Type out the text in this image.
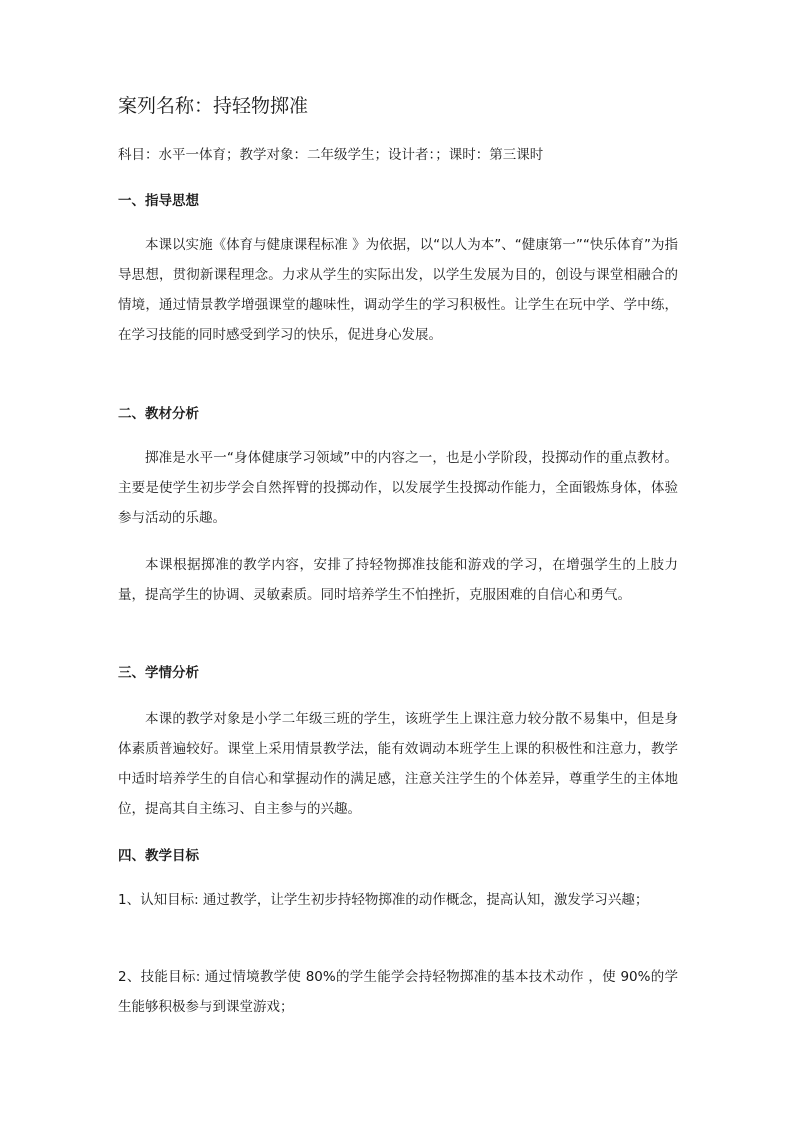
案列名称：持轻物掷准
科目：水平一体育；教学对象：二年级学生；设计者：；课时：第三课时
一、指导思想
本课以实施《体育与健康课程标准 》为依据，以“以人为本”、“健康第一”“快乐体育”为指导思想，贯彻新课程理念。力求从学生的实际出发，以学生发展为目的，创设与课堂相融合的情境，通过情景教学增强课堂的趣味性，调动学生的学习积极性。让学生在玩中学、学中练，在学习技能的同时感受到学习的快乐，促进身心发展。
二、教材分析
掷准是水平一“身体健康学习领域”中的内容之一，也是小学阶段，投掷动作的重点教材。主要是使学生初步学会自然挥臂的投掷动作，以发展学生投掷动作能力，全面锻炼身体，体验参与活动的乐趣。
本课根据掷准的教学内容，安排了持轻物掷准技能和游戏的学习，在增强学生的上肢力量，提高学生的协调、灵敏素质。同时培养学生不怕挫折，克服困难的自信心和勇气。
三、学情分析
本课的教学对象是小学二年级三班的学生，该班学生上课注意力较分散不易集中，但是身体素质普遍较好。课堂上采用情景教学法，能有效调动本班学生上课的积极性和注意力，教学中适时培养学生的自信心和掌握动作的满足感，注意关注学生的个体差异，尊重学生的主体地位，提高其自主练习、自主参与的兴趣。
四、教学目标
1、认知目标: 通过教学，让学生初步持轻物掷准的动作概念，提高认知，激发学习兴趣；
2、技能目标: 通过情境教学使 80%的学生能学会持轻物掷准的基本技术动作 ，使 90%的学生能够积极参与到课堂游戏；
